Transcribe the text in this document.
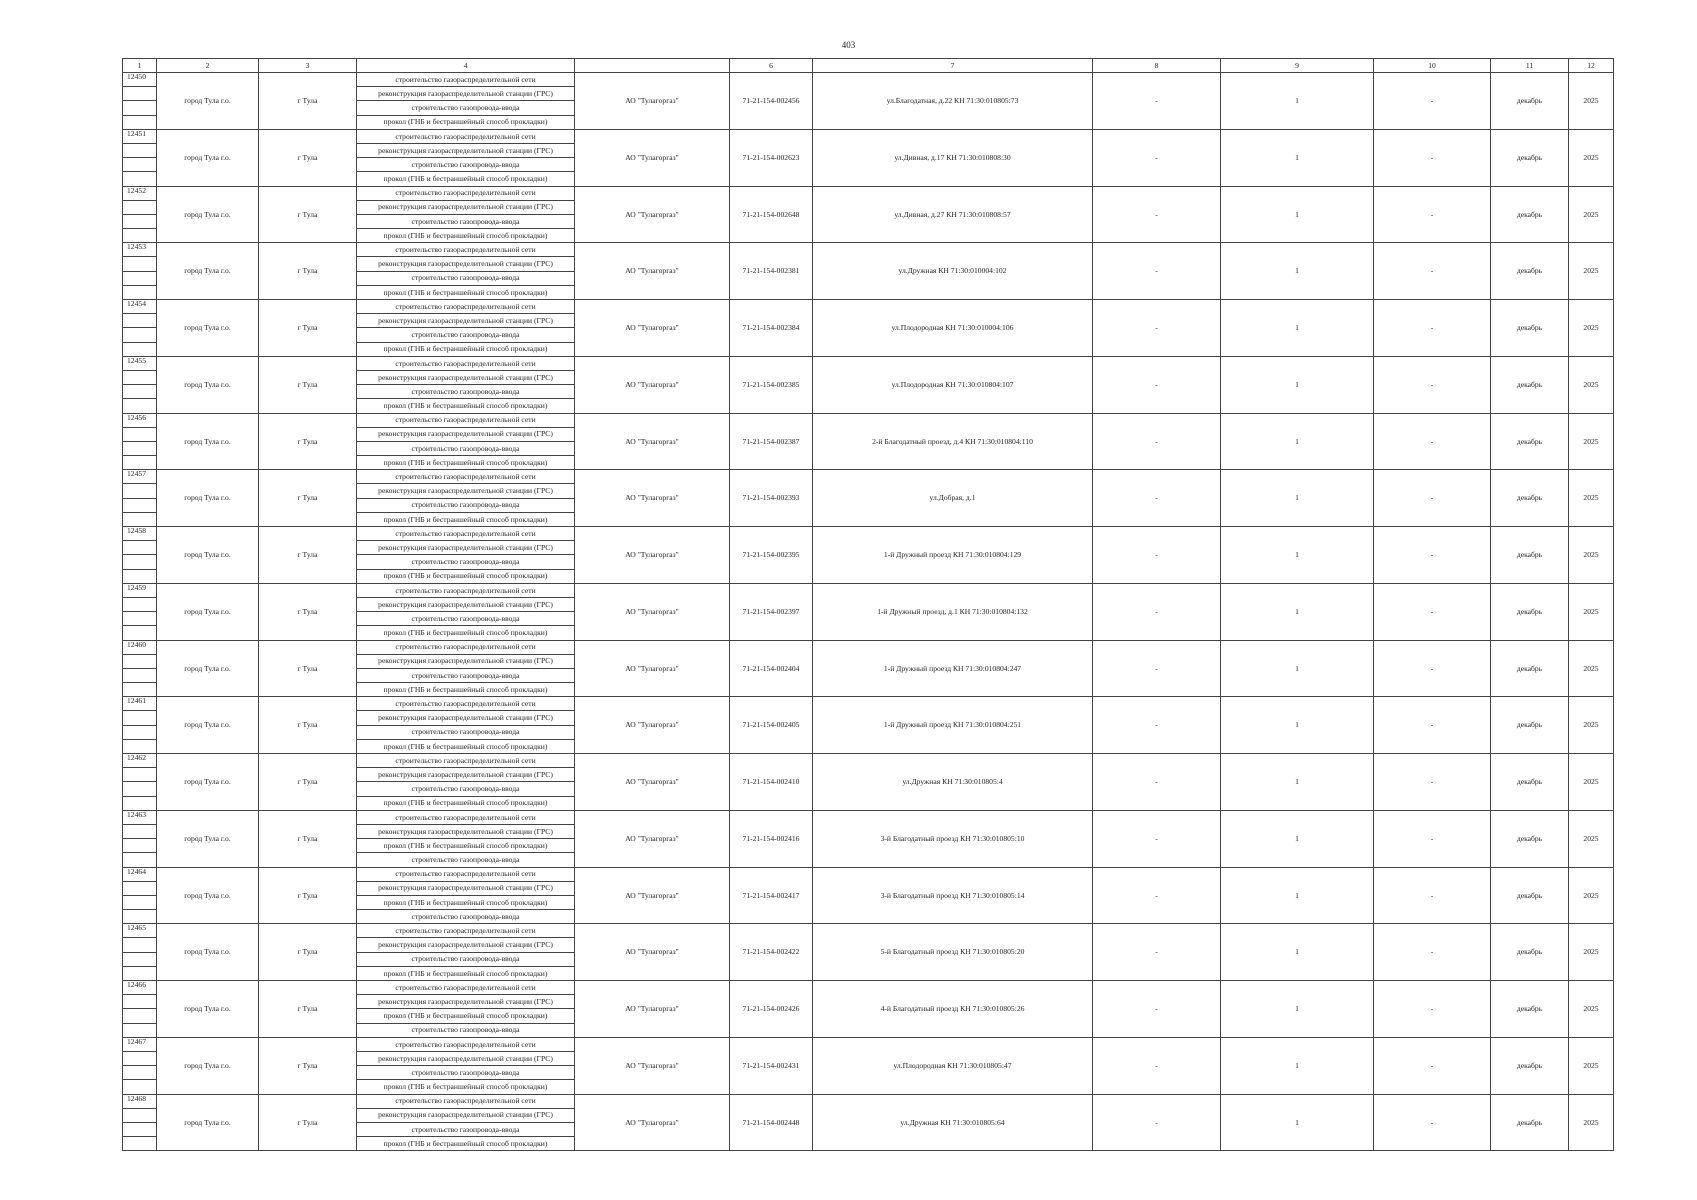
403
1	2	3	4		6	7	8	9	10	11	12
12450	город Тула г.о.	г Тула	строительство газораспределительной сети	АО "Тулагоргаз"	71-21-154-002456	ул.Благодатная, д.22 КН 71:30:010805:73	-	1	-	декабрь	2025
			реконструкция газораспределительной станции (ГРС)								
			строительство газопровода-ввода								
			прокол (ГНБ и бестраншейный способ прокладки)								
12451	город Тула г.о.	г Тула	строительство газораспределительной сети	АО "Тулагоргаз"	71-21-154-002623	ул.Дивная, д.17 КН 71:30:010808:30	-	1	-	декабрь	2025
			реконструкция газораспределительной станции (ГРС)								
			строительство газопровода-ввода								
			прокол (ГНБ и бестраншейный способ прокладки)								
12452	город Тула г.о.	г Тула	строительство газораспределительной сети	АО "Тулагоргаз"	71-21-154-002648	ул.Дивная, д.27 КН 71:30:010808:57	-	1	-	декабрь	2025
			реконструкция газораспределительной станции (ГРС)								
			строительство газопровода-ввода								
			прокол (ГНБ и бестраншейный способ прокладки)								
12453	город Тула г.о.	г Тула	строительство газораспределительной сети	АО "Тулагоргаз"	71-21-154-002381	ул.Дружная КН 71:30:010004:102	-	1	-	декабрь	2025
			реконструкция газораспределительной станции (ГРС)								
			строительство газопровода-ввода								
			прокол (ГНБ и бестраншейный способ прокладки)								
12454	город Тула г.о.	г Тула	строительство газораспределительной сети	АО "Тулагоргаз"	71-21-154-002384	ул.Плодородная КН 71:30:010004:106	-	1	-	декабрь	2025
			реконструкция газораспределительной станции (ГРС)								
			строительство газопровода-ввода								
			прокол (ГНБ и бестраншейный способ прокладки)								
12455	город Тула г.о.	г Тула	строительство газораспределительной сети	АО "Тулагоргаз"	71-21-154-002385	ул.Плодородная КН 71:30:010804:107	-	1	-	декабрь	2025
			реконструкция газораспределительной станции (ГРС)								
			строительство газопровода-ввода								
			прокол (ГНБ и бестраншейный способ прокладки)								
12456	город Тула г.о.	г Тула	строительство газораспределительной сети	АО "Тулагоргаз"	71-21-154-002387	2-й Благодатный проезд, д.4 КН 71:30:010804:110	-	1	-	декабрь	2025
			реконструкция газораспределительной станции (ГРС)								
			строительство газопровода-ввода								
			прокол (ГНБ и бестраншейный способ прокладки)								
12457	город Тула г.о.	г Тула	строительство газораспределительной сети	АО "Тулагоргаз"	71-21-154-002393	ул.Добрая, д.1	-	1	-	декабрь	2025
			реконструкция газораспределительной станции (ГРС)								
			строительство газопровода-ввода								
			прокол (ГНБ и бестраншейный способ прокладки)								
12458	город Тула г.о.	г Тула	строительство газораспределительной сети	АО "Тулагоргаз"	71-21-154-002395	1-й Дружный проезд КН 71:30:010804:129	-	1	-	декабрь	2025
			реконструкция газораспределительной станции (ГРС)								
			строительство газопровода-ввода								
			прокол (ГНБ и бестраншейный способ прокладки)								
12459	город Тула г.о.	г Тула	строительство газораспределительной сети	АО "Тулагоргаз"	71-21-154-002397	1-й Дружный проезд, д.1 КН 71:30:010804:132	-	1	-	декабрь	2025
			реконструкция газораспределительной станции (ГРС)								
			строительство газопровода-ввода								
			прокол (ГНБ и бестраншейный способ прокладки)								
12460	город Тула г.о.	г Тула	строительство газораспределительной сети	АО "Тулагоргаз"	71-21-154-002404	1-й Дружный проезд КН 71:30:010804:247	-	1	-	декабрь	2025
			реконструкция газораспределительной станции (ГРС)								
			строительство газопровода-ввода								
			прокол (ГНБ и бестраншейный способ прокладки)								
12461	город Тула г.о.	г Тула	строительство газораспределительной сети	АО "Тулагоргаз"	71-21-154-002405	1-й Дружный проезд КН 71:30:010804:251	-	1	-	декабрь	2025
			реконструкция газораспределительной станции (ГРС)								
			строительство газопровода-ввода								
			прокол (ГНБ и бестраншейный способ прокладки)								
12462	город Тула г.о.	г Тула	строительство газораспределительной сети	АО "Тулагоргаз"	71-21-154-002410	ул.Дружная КН 71:30:010805:4	-	1	-	декабрь	2025
			реконструкция газораспределительной станции (ГРС)								
			строительство газопровода-ввода								
			прокол (ГНБ и бестраншейный способ прокладки)								
12463	город Тула г.о.	г Тула	строительство газораспределительной сети	АО "Тулагоргаз"	71-21-154-002416	3-й Благодатный проезд КН 71:30:010805:10	-	1	-	декабрь	2025
			реконструкция газораспределительной станции (ГРС)								
			прокол (ГНБ и бестраншейный способ прокладки)								
			строительство газопровода-ввода								
12464	город Тула г.о.	г Тула	строительство газораспределительной сети	АО "Тулагоргаз"	71-21-154-002417	3-й Благодатный проезд КН 71:30:010805:14	-	1	-	декабрь	2025
			реконструкция газораспределительной станции (ГРС)								
			прокол (ГНБ и бестраншейный способ прокладки)								
			строительство газопровода-ввода								
12465	город Тула г.о.	г Тула	строительство газораспределительной сети	АО "Тулагоргаз"	71-21-154-002422	5-й Благодатный проезд КН 71:30:010805:20	-	1	-	декабрь	2025
			реконструкция газораспределительной станции (ГРС)								
			строительство газопровода-ввода								
			прокол (ГНБ и бестраншейный способ прокладки)								
12466	город Тула г.о.	г Тула	строительство газораспределительной сети	АО "Тулагоргаз"	71-21-154-002426	4-й Благодатный проезд КН 71:30:010805:26	-	1	-	декабрь	2025
			реконструкция газораспределительной станции (ГРС)								
			прокол (ГНБ и бестраншейный способ прокладки)								
			строительство газопровода-ввода								
12467	город Тула г.о.	г Тула	строительство газораспределительной сети	АО "Тулагоргаз"	71-21-154-002431	ул.Плодородная КН 71:30:010805:47	-	1	-	декабрь	2025
			реконструкция газораспределительной станции (ГРС)								
			строительство газопровода-ввода								
			прокол (ГНБ и бестраншейный способ прокладки)								
12468	город Тула г.о.	г Тула	строительство газораспределительной сети	АО "Тулагоргаз"	71-21-154-002448	ул.Дружная КН 71:30:010805:64	-	1	-	декабрь	2025
			реконструкция газораспределительной станции (ГРС)								
			строительство газопровода-ввода								
			прокол (ГНБ и бестраншейный способ прокладки)								
